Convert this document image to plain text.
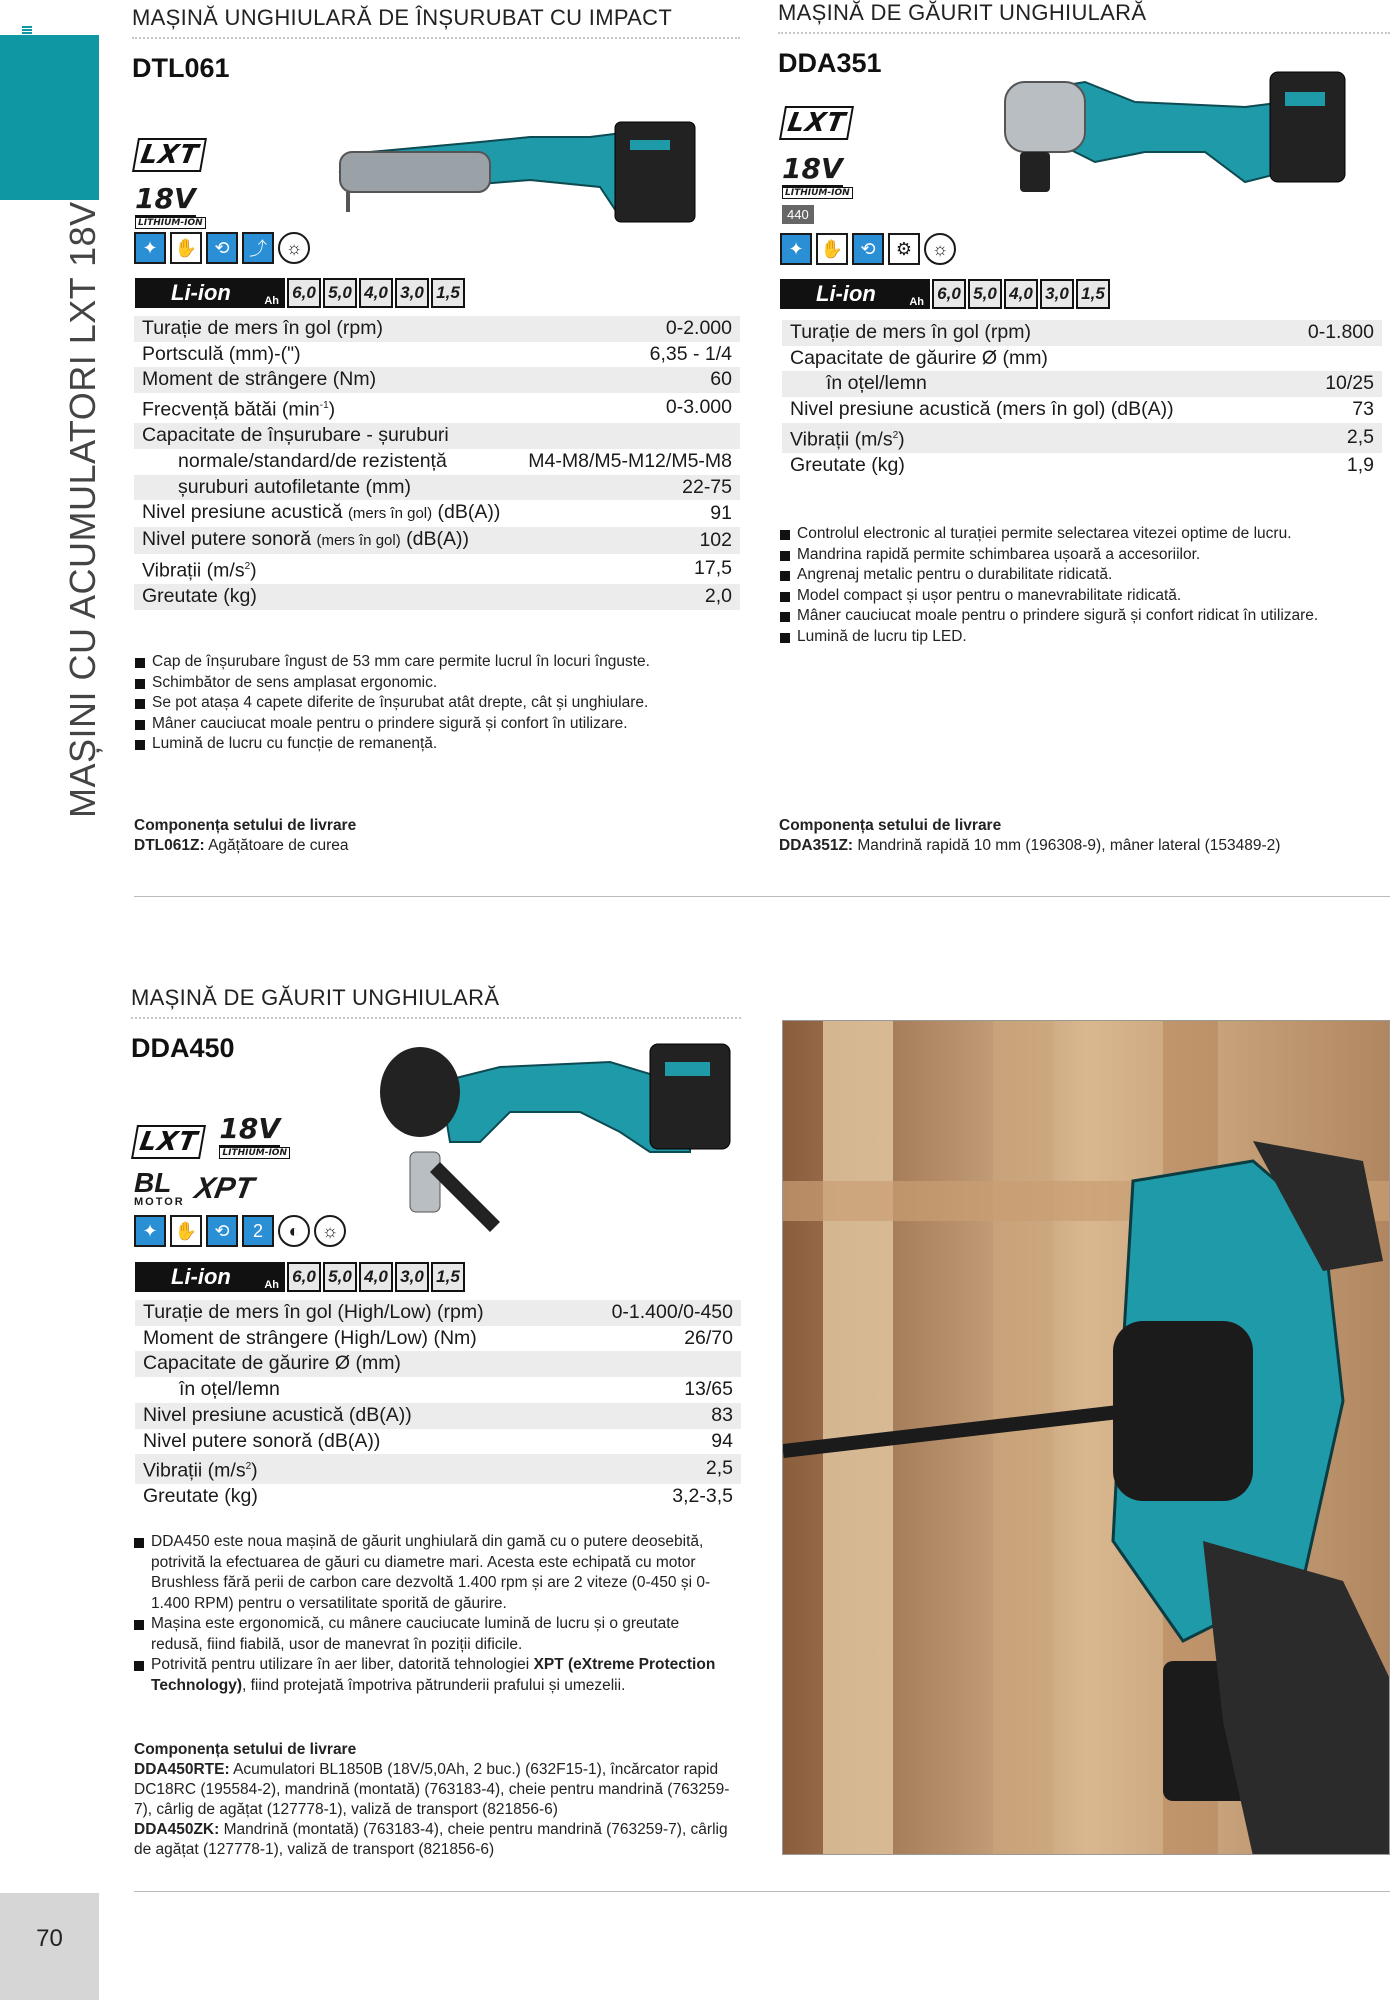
MAȘINI CU ACUMULATORI LXT 18V
70
MAȘINĂ UNGHIULARĂ DE ÎNȘURUBAT CU IMPACT
DTL061
LXT
18V
LITHIUM-ION
✦ ✋ ⟲	⤴	☼
Li-ion	Ah 6,0 5,0 4,0 3,0 1,5
Turație de mers în gol (rpm)	0-2.000
Portsculă (mm)-(")	6,35 - 1/4
Moment de strângere (Nm)	60
Frecvență bătăi $(\min^{-1})$	0-3.000
Capacitate de înșurubare - șuruburi	
normale/standard/de rezistență	M4-M8/M5-M12/M5-M8
șuruburi autofiletante (mm)	22-75
Nivel presiune acustică (mers în gol) (dB(A))	91
Nivel putere sonoră (mers în gol) (dB(A))	102
Vibrații $(m/s^2)$	17,5
Greutate (kg)	2,0
Cap de înșurubare îngust de 53 mm care permite lucrul în locuri înguste.
Schimbător de sens amplasat ergonomic.
Se pot atașa 4 capete diferite de înșurubat atât drepte, cât și unghiulare.
Mâner cauciucat moale pentru o prindere sigură și confort în utilizare.
Lumină de lucru cu funcție de remanență.
Componența setului de livrare
DTL061Z: Agățătoare de curea
MAȘINĂ DE GĂURIT UNGHIULARĂ
DDA351
LXT
18V
LITHIUM-ION
440
✦ ✋ ⟲	⚙	☼
Li-ion	Ah 6,0 5,0 4,0 3,0 1,5
Turație de mers în gol (rpm)	0-1.800
Capacitate de găurire Ø (mm)	
în oțel/lemn	10/25
Nivel presiune acustică (mers în gol) (dB(A))	73
Vibrații $(m/s^2)$	2,5
Greutate (kg)	1,9
Controlul electronic al turației permite selectarea vitezei optime de lucru.
Mandrina rapidă permite schimbarea ușoară a accesoriilor.
Angrenaj metalic pentru o durabilitate ridicată.
Model compact și ușor pentru o manevrabilitate ridicată.
Mâner cauciucat moale pentru o prindere sigură și confort ridicat în utilizare.
Lumină de lucru tip LED.
Componența setului de livrare
DDA351Z: Mandrină rapidă 10 mm (196308-9), mâner lateral (153489-2)
MAȘINĂ DE GĂURIT UNGHIULARĂ
DDA450
LXT 18V
LITHIUM-ION
BL
MOTOR XPT
✦ ✋ ⟲	2	◐	☼
Li-ion	Ah 6,0 5,0 4,0 3,0 1,5
Turație de mers în gol (High/Low) (rpm)	0-1.400/0-450
Moment de strângere (High/Low) (Nm)	26/70
Capacitate de găurire Ø (mm)	
în oțel/lemn	13/65
Nivel presiune acustică (dB(A))	83
Nivel putere sonoră (dB(A))	94
Vibrații $(m/s^2)$	2,5
Greutate (kg)	3,2-3,5
DDA450 este noua mașină de găurit unghiulară din gamă cu o putere deosebită, potrivită la efectuarea de găuri cu diametre mari. Acesta este echipată cu motor Brushless fără perii de carbon care dezvoltă 1.400 rpm și are 2 viteze (0-450 și 0-1.400 RPM) pentru o versatilitate sporită de găurire.
Mașina este ergonomică, cu mânere cauciucate lumină de lucru și o greutate redusă, fiind fiabilă, usor de manevrat în poziții dificile.
Potrivită pentru utilizare în aer liber, datorită tehnologiei XPT (eXtreme Protection Technology), fiind protejată împotriva pătrunderii prafului și umezelii.
Componența setului de livrare
DDA450RTE: Acumulatori BL1850B (18V/5,0Ah, 2 buc.) (632F15-1), încărcator rapid DC18RC (195584-2), mandrină (montată) (763183-4), cheie pentru mandrină (763259-7), cârlig de agățat (127778-1), valiză de transport (821856-6)
DDA450ZK: Mandrină (montată) (763183-4), cheie pentru mandrină (763259-7), cârlig de agățat (127778-1), valiză de transport (821856-6)
